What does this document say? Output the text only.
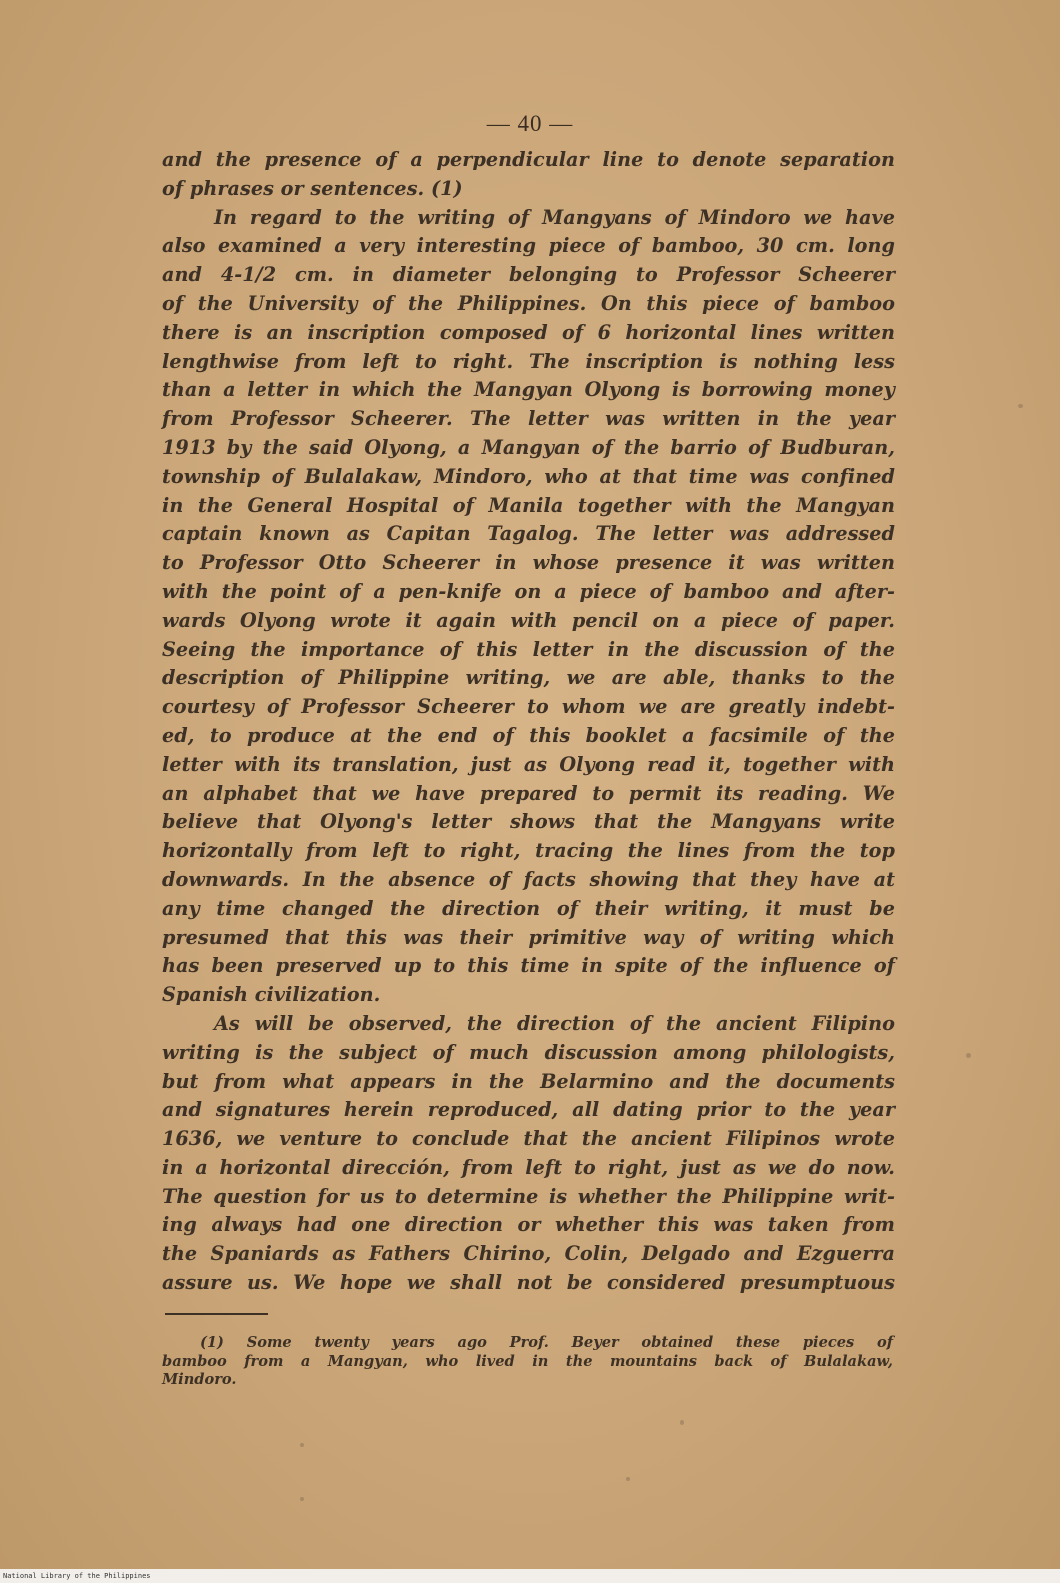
— 40 —
and the presence of a perpendicular line to denote separation
of phrases or sentences. (1)
In regard to the writing of Mangyans of Mindoro we have
also examined a very interesting piece of bamboo, 30 cm. long
and 4-1/2 cm. in diameter belonging to Professor Scheerer
of the University of the Philippines. On this piece of bamboo
there is an inscription composed of 6 horizontal lines written
lengthwise from left to right. The inscription is nothing less
than a letter in which the Mangyan Olyong is borrowing money
from Professor Scheerer. The letter was written in the year
1913 by the said Olyong, a Mangyan of the barrio of Budburan,
township of Bulalakaw, Mindoro, who at that time was confined
in the General Hospital of Manila together with the Mangyan
captain known as Capitan Tagalog. The letter was addressed
to Professor Otto Scheerer in whose presence it was written
with the point of a pen-knife on a piece of bamboo and after-
wards Olyong wrote it again with pencil on a piece of paper.
Seeing the importance of this letter in the discussion of the
description of Philippine writing, we are able, thanks to the
courtesy of Professor Scheerer to whom we are greatly indebt-
ed, to produce at the end of this booklet a facsimile of the
letter with its translation, just as Olyong read it, together with
an alphabet that we have prepared to permit its reading. We
believe that Olyong's letter shows that the Mangyans write
horizontally from left to right, tracing the lines from the top
downwards. In the absence of facts showing that they have at
any time changed the direction of their writing, it must be
presumed that this was their primitive way of writing which
has been preserved up to this time in spite of the influence of
Spanish civilization.
As will be observed, the direction of the ancient Filipino
writing is the subject of much discussion among philologists,
but from what appears in the Belarmino and the documents
and signatures herein reproduced, all dating prior to the year
1636, we venture to conclude that the ancient Filipinos wrote
in a horizontal dirección, from left to right, just as we do now.
The question for us to determine is whether the Philippine writ-
ing always had one direction or whether this was taken from
the Spaniards as Fathers Chirino, Colin, Delgado and Ezguerra
assure us. We hope we shall not be considered presumptuous
(1) Some twenty years ago Prof. Beyer obtained these pieces of
bamboo from a Mangyan, who lived in the mountains back of Bulalakaw,
Mindoro.
National Library of the Philippines
